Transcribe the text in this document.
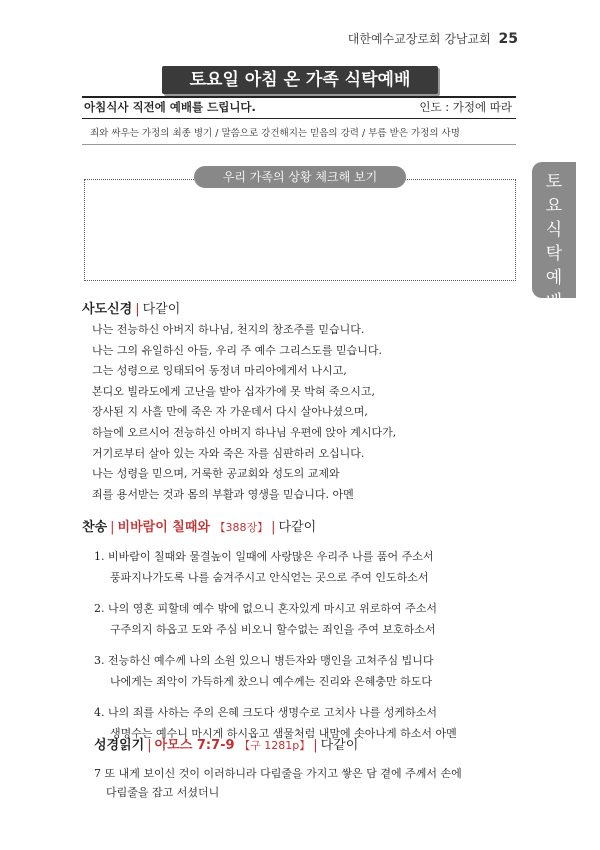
대한예수교장로회 강남교회 25
토요일 아침 온 가족 식탁예배
아침식사 직전에 예배를 드립니다.	인도 : 가정에 따라
죄와 싸우는 가정의 최종 병기 / 말씀으로 강건해지는 믿음의 강력 / 부름 받은 가정의 사명
우리 가족의 상황 체크해 보기	토
요
식
탁
예
배
사도신경 | 다같이
나는 전능하신 아버지 하나님, 천지의 창조주를 믿습니다.
나는 그의 유일하신 아들, 우리 주 예수 그리스도를 믿습니다.
그는 성령으로 잉태되어 동정녀 마리아에게서 나시고,
본디오 빌라도에게 고난을 받아 십자가에 못 박혀 죽으시고,
장사된 지 사흘 만에 죽은 자 가운데서 다시 살아나셨으며,
하늘에 오르시어 전능하신 아버지 하나님 우편에 앉아 계시다가,
거기로부터 살아 있는 자와 죽은 자를 심판하러 오십니다.
나는 성령을 믿으며, 거룩한 공교회와 성도의 교제와
죄를 용서받는 것과 몸의 부활과 영생을 믿습니다. 아멘
찬송 | 비바람이 칠때와 【388장】 | 다같이
1. 비바람이 칠때와 물결높이 일때에 사랑많은 우리주 나를 품어 주소서
풍파지나가도록 나를 숨겨주시고 안식얻는 곳으로 주여 인도하소서
2. 나의 영혼 피할데 예수 밖에 없으니 혼자있게 마시고 위로하여 주소서
구주의지 하옵고 도와 주심 비오니 할수없는 죄인을 주여 보호하소서
3. 전능하신 예수께 나의 소원 있으니 병든자와 맹인을 고쳐주심 빕니다
나에게는 죄악이 가득하게 찼으니 예수께는 진리와 은혜충만 하도다
4. 나의 죄를 사하는 주의 은혜 크도다 생명수로 고치사 나를 성케하소서
생명수는 예수니 마시게 하시옵고 샘물처럼 내맘에 솟아나게 하소서 아멘
성경읽기 | 아모스 7:7-9 【구 1281p】 | 다같이
7 또 내게 보이신 것이 이러하니라 다림줄을 가지고 쌓은 담 곁에 주께서 손에
다림줄을 잡고 서셨더니
